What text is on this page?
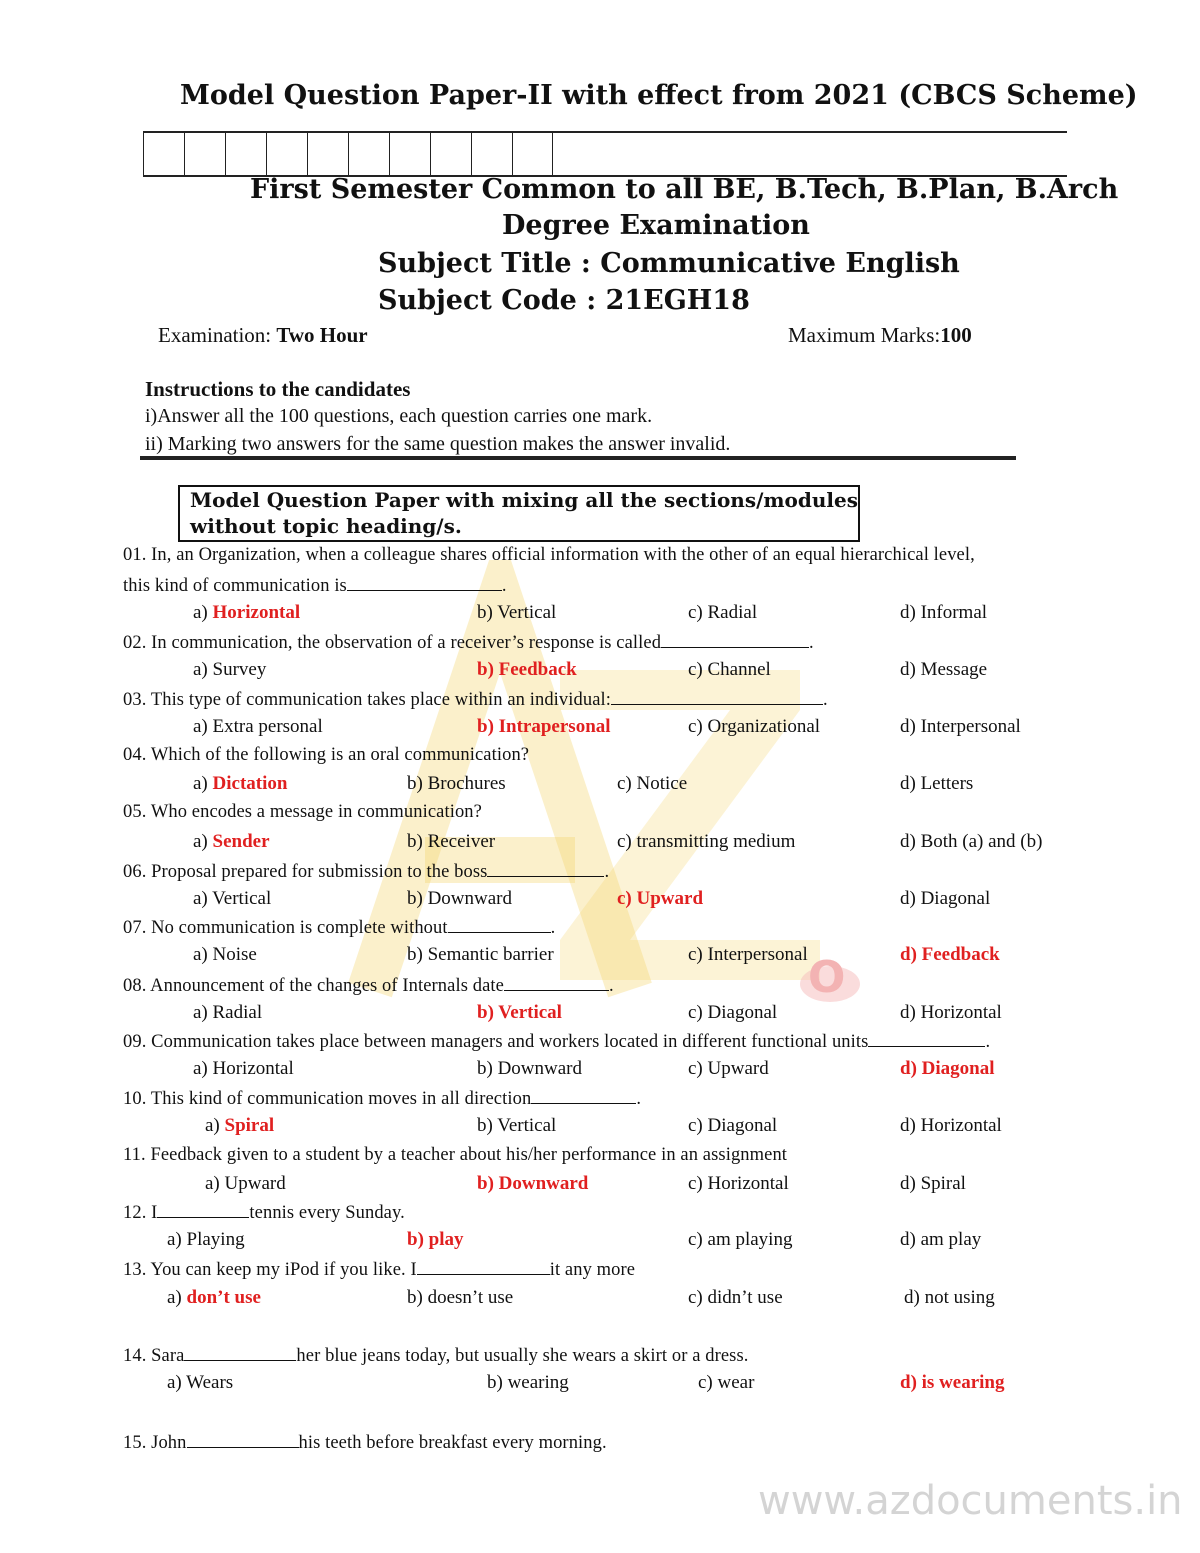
O
Model Question Paper-II with effect from 2021 (CBCS Scheme)
First Semester Common to all BE, B.Tech, B.Plan, B.Arch
Degree Examination
Subject Title : Communicative English
Subject Code : 21EGH18
Examination: Two Hour	Maximum Marks:100
Instructions to the candidates
i)Answer all the 100 questions, each question carries one mark.
ii) Marking two answers for the same question makes the answer invalid.
Model Question Paper with mixing all the sections/modules
without topic heading/s.
01. In, an Organization, when a colleague shares official information with the other of an equal hierarchical level,
this kind of communication is	.
a) Horizontal	b) Vertical	c) Radial	d) Informal
02. In communication, the observation of a receiver’s response is called	.
a) Survey	b) Feedback	c) Channel	d) Message
03. This type of communication takes place within an individual:	.
a) Extra personal	b) Intrapersonal	c) Organizational	d) Interpersonal
04. Which of the following is an oral communication?
a) Dictation	b) Brochures	c) Notice	d) Letters
05. Who encodes a message in communication?
a) Sender	b) Receiver	c) transmitting medium	d) Both (a) and (b)
06. Proposal prepared for submission to the boss	.
a) Vertical	b) Downward	c) Upward	d) Diagonal
07. No communication is complete without	.
a) Noise	b) Semantic barrier	c) Interpersonal	d) Feedback
08. Announcement of the changes of Internals date	.
a) Radial	b) Vertical	c) Diagonal	d) Horizontal
09. Communication takes place between managers and workers located in different functional units	.
a) Horizontal	b) Downward	c) Upward	d) Diagonal
10. This kind of communication moves in all direction	.
a) Spiral	b) Vertical	c) Diagonal	d) Horizontal
11. Feedback given to a student by a teacher about his/her performance in an assignment
a) Upward	b) Downward	c) Horizontal	d) Spiral
12. I	tennis every Sunday.
a) Playing	b) play	c) am playing	d) am play
13. You can keep my iPod if you like. I	it any more
a) don’t use	b) doesn’t use	c) didn’t use	d) not using
14. Sara	her blue jeans today, but usually she wears a skirt or a dress.
a) Wears	b) wearing	c) wear	d) is wearing
15. John	his teeth before breakfast every morning.
www.azdocuments.in
